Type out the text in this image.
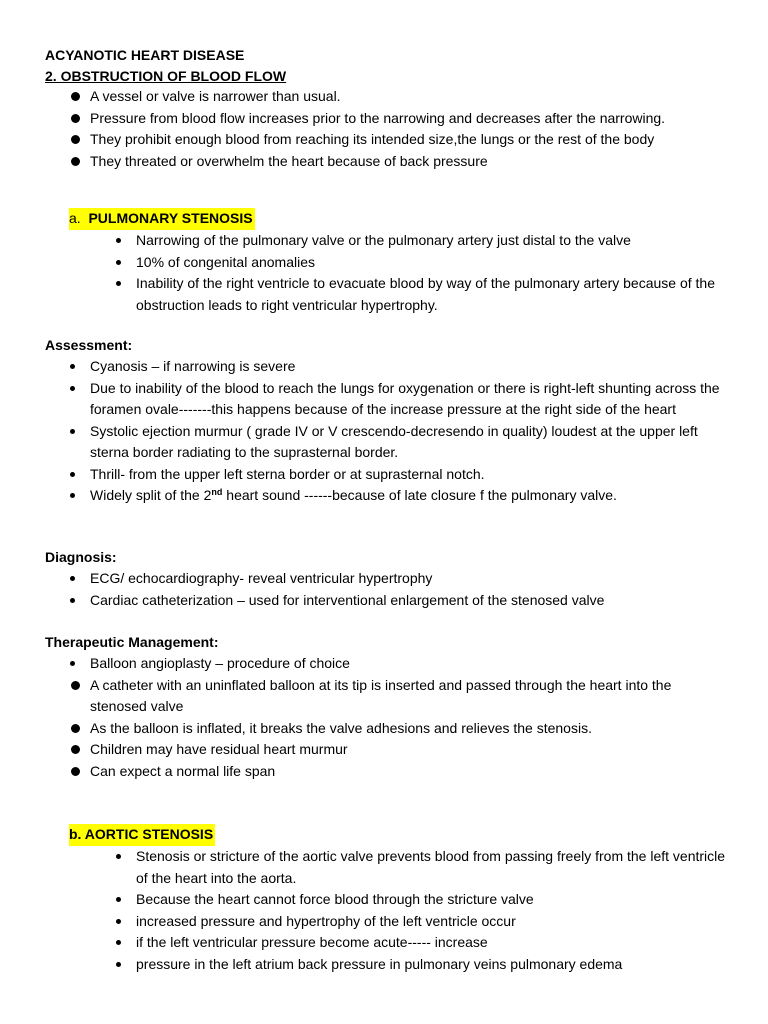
ACYANOTIC HEART DISEASE
2. OBSTRUCTION OF BLOOD FLOW
A vessel or valve is narrower than usual.
Pressure from blood flow increases prior to the narrowing and decreases after the narrowing.
They prohibit enough blood from reaching its intended size,the lungs or the rest of the body
They threated or overwhelm the heart because of back pressure
a. PULMONARY STENOSIS
Narrowing of the pulmonary valve or the pulmonary artery just distal to the valve
10% of congenital anomalies
Inability of the right ventricle to evacuate blood by way of the pulmonary artery because of the obstruction leads to right ventricular hypertrophy.
Assessment:
Cyanosis – if narrowing is severe
Due to inability of the blood to reach the lungs for oxygenation or there is right-left shunting across the foramen ovale-------this happens because of the increase pressure at the right side of the heart
Systolic ejection murmur ( grade IV or V crescendo-decresendo in quality) loudest at the upper left sterna border radiating to the suprasternal border.
Thrill- from the upper left sterna border or at suprasternal notch.
Widely split of the 2nd heart sound ------because of late closure f the pulmonary valve.
Diagnosis:
ECG/ echocardiography- reveal ventricular hypertrophy
Cardiac catheterization – used for interventional enlargement of the stenosed valve
Therapeutic Management:
Balloon angioplasty – procedure of choice
A catheter with an uninflated balloon at its tip is inserted and passed through the heart into the stenosed valve
As the balloon is inflated, it breaks the valve adhesions and relieves the stenosis.
Children may have residual heart murmur
Can expect a normal life span
b. AORTIC STENOSIS
Stenosis or stricture of the aortic valve prevents blood from passing freely from the left ventricle of the heart into the aorta.
Because the heart cannot force blood through the stricture valve
increased pressure and hypertrophy of the left ventricle occur
if the left ventricular pressure become acute----- increase
pressure in the left atrium back pressure in pulmonary veins pulmonary edema
